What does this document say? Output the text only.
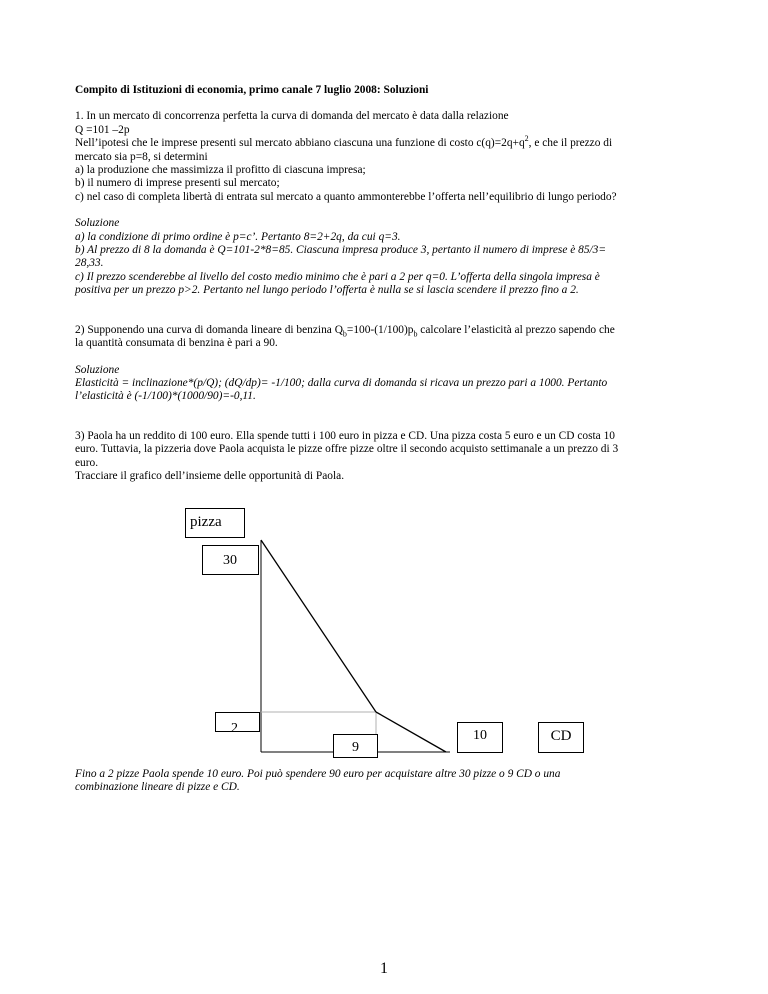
Compito di Istituzioni di economia, primo canale 7 luglio 2008: Soluzioni

1. In un mercato di concorrenza perfetta la curva di domanda del mercato è data dalla relazione

Q =101 –2p

Nell’ipotesi che le imprese presenti sul mercato abbiano ciascuna una funzione di costo $c(q)=2q+q^2$, e che il prezzo di

mercato sia p=8, si determini

a) la produzione che massimizza il profitto di ciascuna impresa;

b) il numero di imprese presenti sul mercato;

c) nel caso di completa libertà di entrata sul mercato a quanto ammonterebbe l’offerta nell’equilibrio di lungo periodo?

Soluzione

a) la condizione di primo ordine è p=c’. Pertanto 8=2+2q, da cui q=3.

b) Al prezzo di 8 la domanda è Q=101-2*8=85. Ciascuna impresa produce 3, pertanto il numero di imprese è 85/3=

28,33.

c) Il prezzo scenderebbe al livello del costo medio minimo che è pari a 2 per q=0. L’offerta della singola impresa è

positiva per un prezzo p>2. Pertanto nel lungo periodo l’offerta è nulla se si lascia scendere il prezzo fino a 2.

2) Supponendo una curva di domanda lineare di benzina $Q_b=100-(1/100)p_b$ calcolare l’elasticità al prezzo sapendo che

la quantità consumata di benzina è pari a 90.

Soluzione

Elasticità = inclinazione*(p/Q); (dQ/dp)= -1/100; dalla curva di domanda si ricava un prezzo pari a 1000. Pertanto

l’elasticità è (-1/100)*(1000/90)=-0,11.

3) Paola ha un reddito di 100 euro. Ella spende tutti i 100 euro in pizza e CD. Una pizza costa 5 euro e un CD costa 10

euro. Tuttavia, la pizzeria dove Paola acquista le pizze offre pizze oltre il secondo acquisto settimanale a un prezzo di 3

euro.

Tracciare il grafico dell’insieme delle opportunità di Paola.

pizza
30
2
9
10	CD

Fino a 2 pizze Paola spende 10 euro. Poi può spendere 90 euro per acquistare altre 30 pizze o 9 CD o una

combinazione lineare di pizze e CD.

1
